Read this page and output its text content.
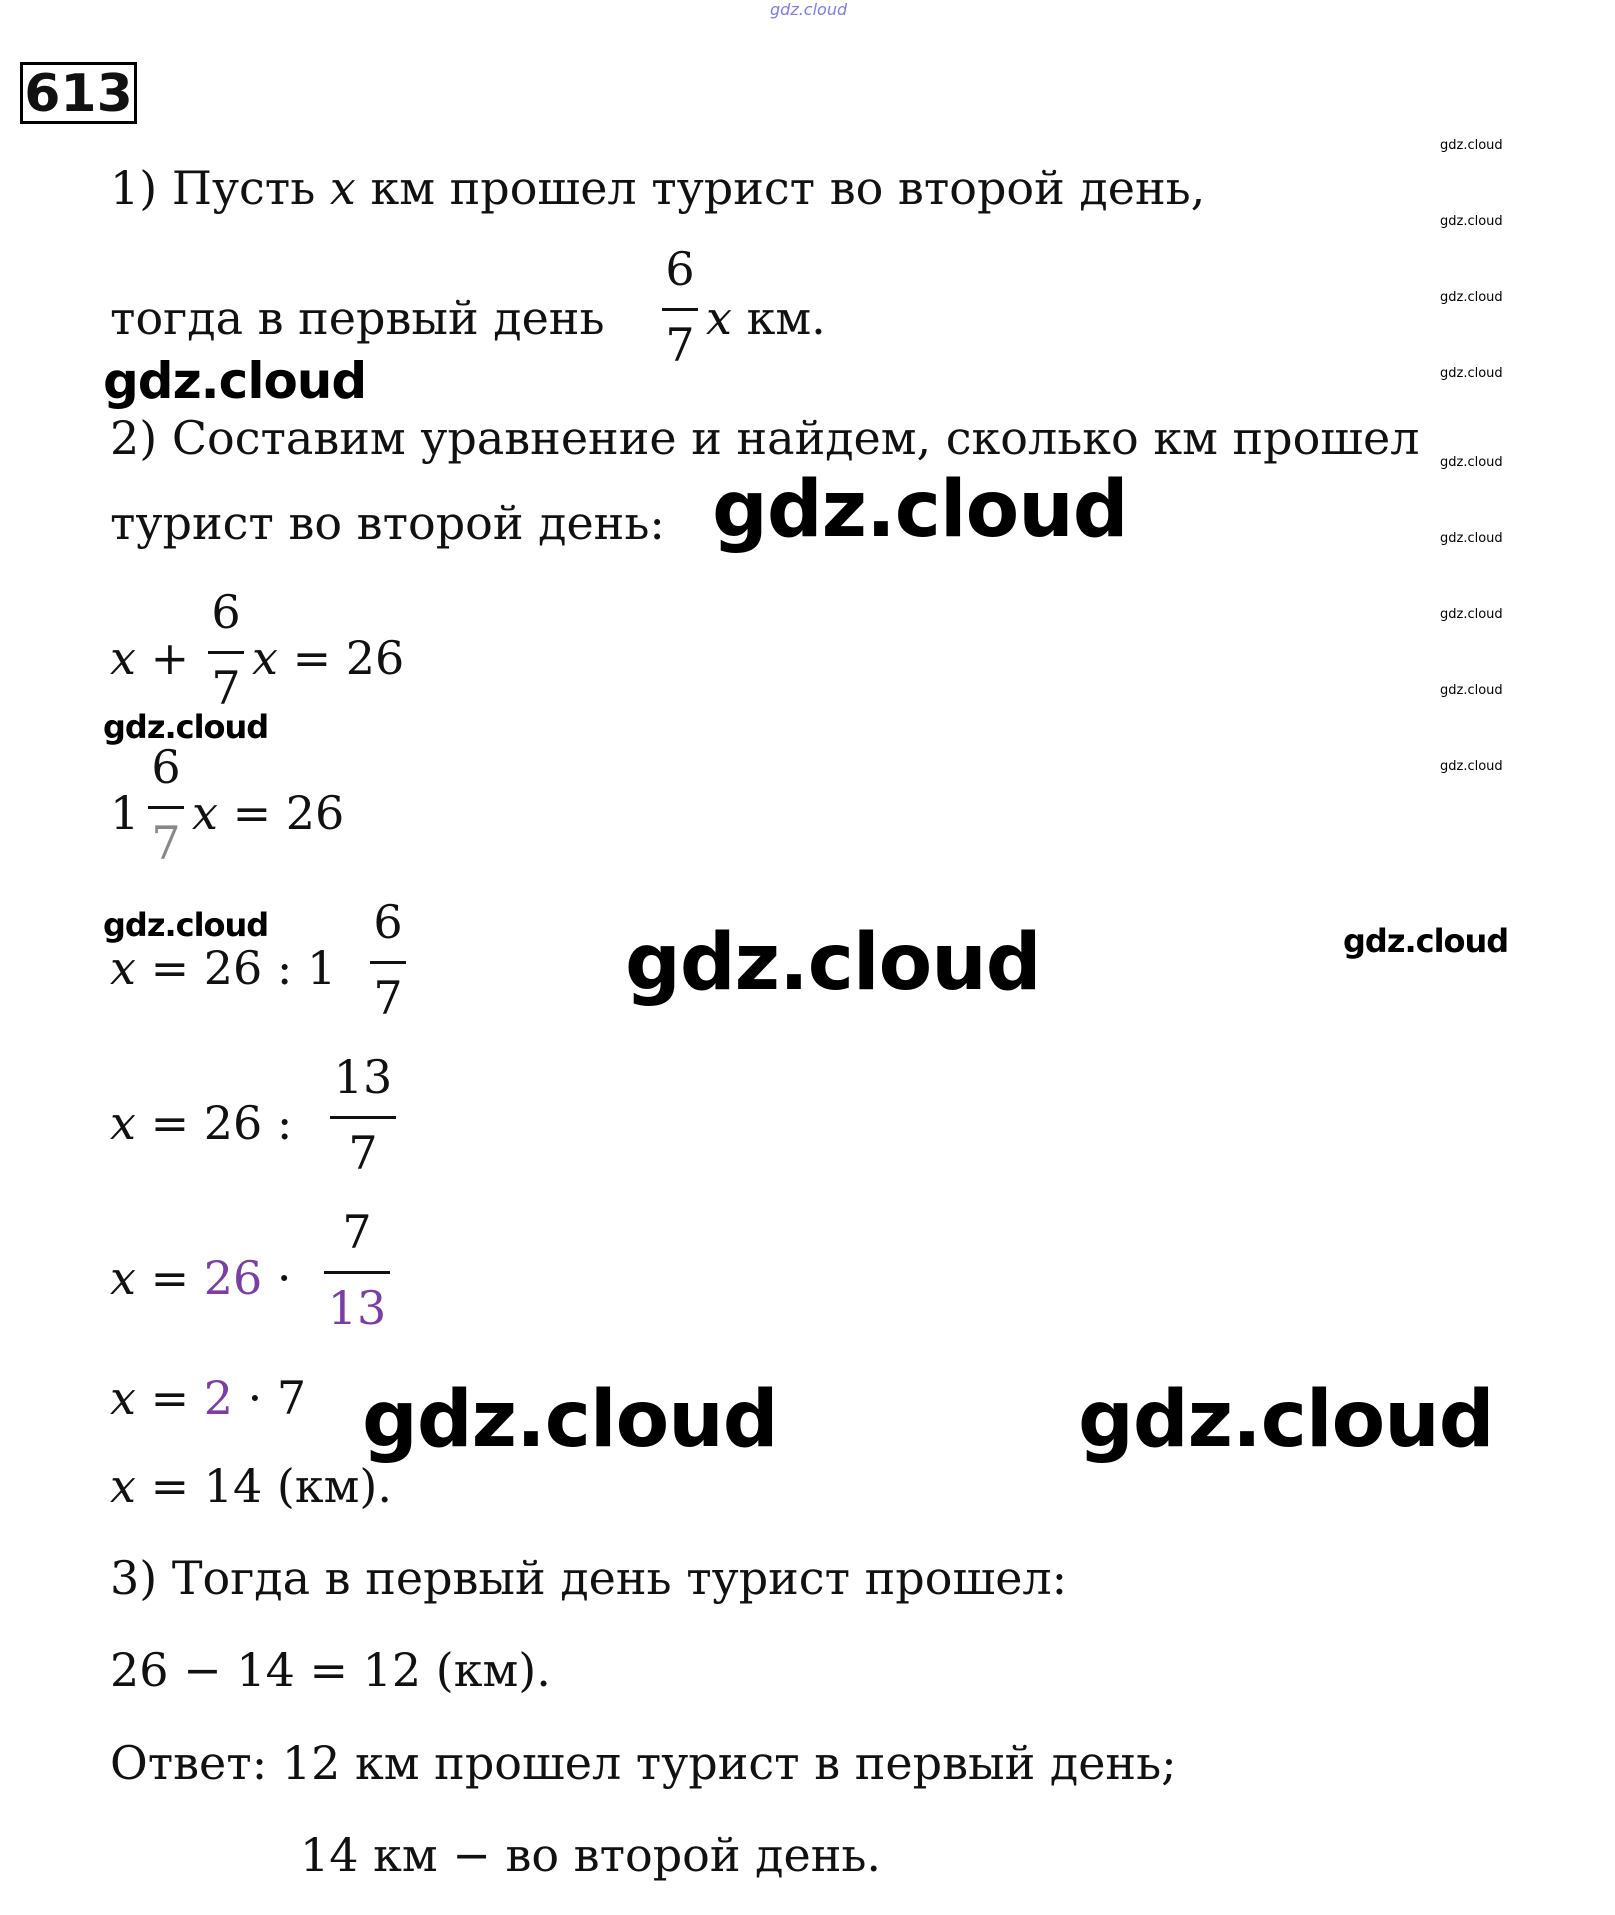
gdz.cloud
613
gdz.cloud
gdz.cloud
gdz.cloud
gdz.cloud
gdz.cloud
gdz.cloud
gdz.cloud
gdz.cloud
gdz.cloud
1) Пусть x км прошел турист во второй день,
тогда в первый день
6
7 x км.
gdz.cloud
2) Составим уравнение и найдем, сколько км прошел
турист во второй день: gdz.cloud
x +
6
7
x = 26
gdz.cloud
1
6
7
x = 26
gdz.cloud
x = 26 : 1
6
7	gdz.cloud	gdz.cloud
x = 26 :
13
7
x = 26 ·
7
13
x = 2 · 7 gdz.cloud	gdz.cloud
x = 14 (км).
3) Тогда в первый день турист прошел:
26 − 14 = 12 (км).
Ответ: 12 км прошел турист в первый день;
14 км − во второй день.
